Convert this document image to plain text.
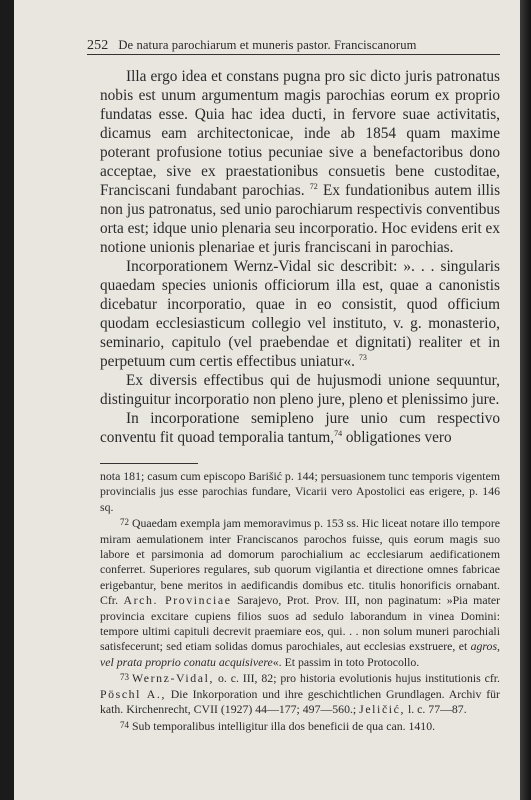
252 De natura parochiarum et muneris pastor. Franciscanorum

Illa ergo idea et constans pugna pro sic dicto juris patronatus nobis est unum argumentum magis parochias eorum ex proprio fundatas esse. Quia hac idea ducti, in fervore suae activitatis, dicamus eam architectonicae, inde ab 1854 quam maxime poterant profusione totius pecuniae sive a benefactoribus dono acceptae, sive ex praestationibus consuetis bene custoditae, Franciscani fundabant parochias. $^{72}$ Ex fundationibus autem illis non jus patronatus, sed unio parochiarum respectivis conventibus orta est; idque unio plenaria seu incorporatio. Hoc evidens erit ex notione unionis plenariae et juris franciscani in parochias.

Incorporationem Wernz-Vidal sic describit: ». . . singularis quaedam species unionis officiorum illa est, quae a canonistis dicebatur incorporatio, quae in eo consistit, quod officium quodam ecclesiasticum collegio vel instituto, v. g. monasterio, seminario, capitulo (vel praebendae et dignitati) realiter et in perpetuum cum certis effectibus uniatur«. $^{73}$

Ex diversis effectibus qui de hujusmodi unione sequuntur, distinguitur incorporatio non pleno jure, pleno et plenissimo jure.

In incorporatione semipleno jure unio cum respectivo conventu fit quoad temporalia tantum,$^{74}$ obligationes vero

nota 181; casum cum episcopo Barišić p. 144; persuasionem tunc temporis vigentem provincialis jus esse parochias fundare, Vicarii vero Apostolici eas erigere, p. 146 sq.

72 Quaedam exempla jam memoravimus p. 153 ss. Hic liceat notare illo tempore miram aemulationem inter Franciscanos parochos fuisse, quis eorum magis suo labore et parsimonia ad domorum parochialium ac ecclesiarum aedificationem conferret. Superiores regulares, sub quorum vigilantia et directione omnes fabricae erigebantur, bene meritos in aedificandis domibus etc. titulis honorificis ornabant. Cfr. Arch. Provinciae Sarajevo, Prot. Prov. III, non paginatum: »Pia mater provincia excitare cupiens filios suos ad sedulo laborandum in vinea Domini: tempore ultimi capituli decrevit praemiare eos, qui. . . non solum muneri parochiali satisfecerunt; sed etiam solidas domus parochiales, aut ecclesias exstruere, et agros, vel prata proprio conatu acquisivere«. Et passim in toto Protocollo.

73 Wernz-Vidal, o. c. III, 82; pro historia evolutionis hujus institutionis cfr. Pöschl A., Die Inkorporation und ihre geschichtlichen Grundlagen. Archiv für kath. Kirchenrecht, CVII (1927) 44—177; 497—560.; Jeličić, l. c. 77—87.

74 Sub temporalibus intelligitur illa dos beneficii de qua can. 1410.
